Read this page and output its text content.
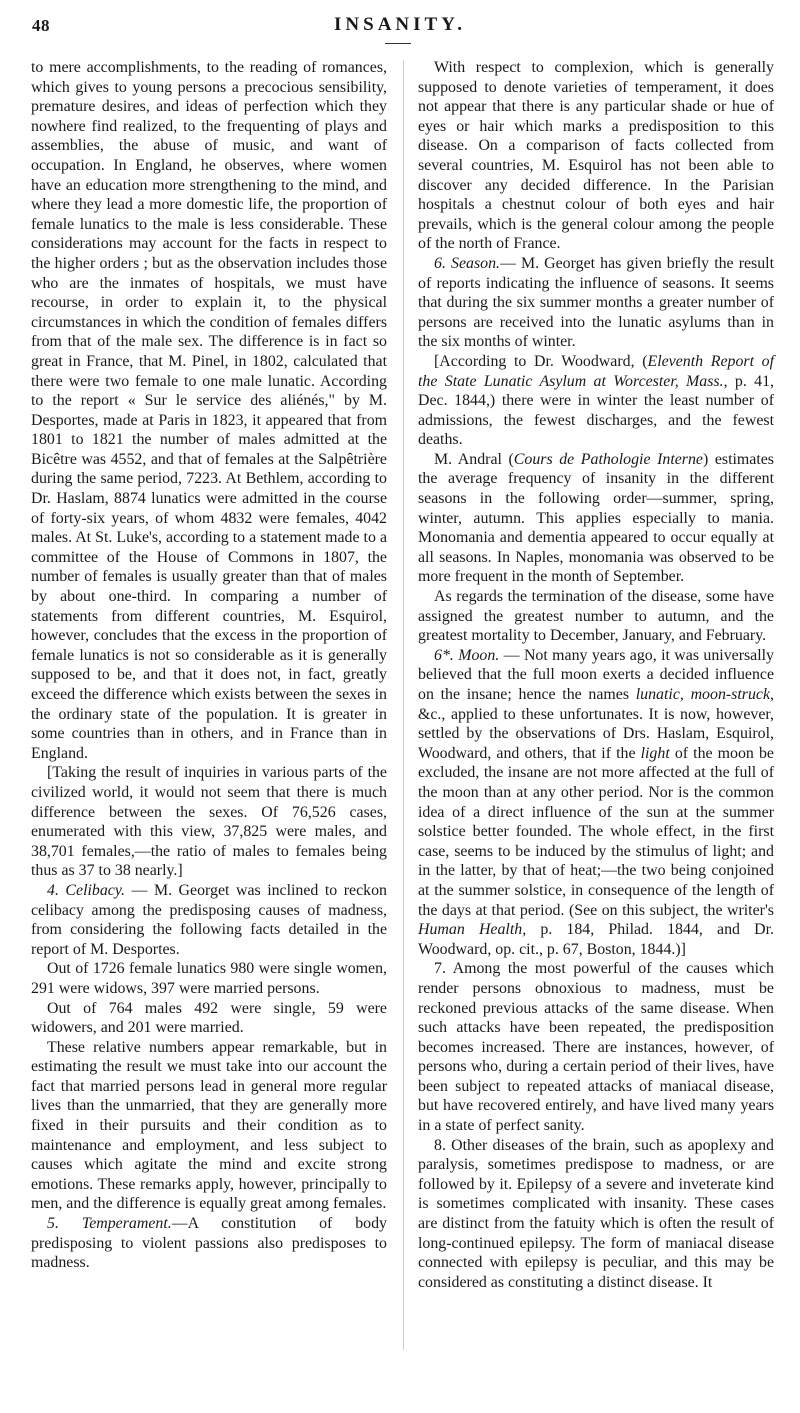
48	INSANITY.

to mere accomplishments, to the reading of romances, which gives to young persons a precocious sensibility, premature desires, and ideas of perfection which they nowhere find realized, to the frequenting of plays and assemblies, the abuse of music, and want of occupation. In England, he observes, where women have an education more strengthening to the mind, and where they lead a more domestic life, the proportion of female lunatics to the male is less considerable. These considerations may account for the facts in respect to the higher orders ; but as the observation includes those who are the inmates of hospitals, we must have recourse, in order to explain it, to the physical circumstances in which the condition of females differs from that of the male sex. The difference is in fact so great in France, that M. Pinel, in 1802, calculated that there were two female to one male lunatic. According to the report « Sur le service des aliénés," by M. Desportes, made at Paris in 1823, it appeared that from 1801 to 1821 the number of males admitted at the Bicêtre was 4552, and that of females at the Salpêtrière during the same period, 7223. At Bethlem, according to Dr. Haslam, 8874 lunatics were admitted in the course of forty-six years, of whom 4832 were females, 4042 males. At St. Luke's, according to a statement made to a committee of the House of Commons in 1807, the number of females is usually greater than that of males by about one-third. In comparing a number of statements from different countries, M. Esquirol, however, concludes that the excess in the proportion of female lunatics is not so considerable as it is generally supposed to be, and that it does not, in fact, greatly exceed the difference which exists between the sexes in the ordinary state of the population. It is greater in some countries than in others, and in France than in England.

[Taking the result of inquiries in various parts of the civilized world, it would not seem that there is much difference between the sexes. Of 76,526 cases, enumerated with this view, 37,825 were males, and 38,701 females,—the ratio of males to females being thus as 37 to 38 nearly.]

4. Celibacy. — M. Georget was inclined to reckon celibacy among the predisposing causes of madness, from considering the following facts detailed in the report of M. Desportes.

Out of 1726 female lunatics 980 were single women, 291 were widows, 397 were married persons.

Out of 764 males 492 were single, 59 were widowers, and 201 were married.

These relative numbers appear remarkable, but in estimating the result we must take into our account the fact that married persons lead in general more regular lives than the unmarried, that they are generally more fixed in their pursuits and their condition as to maintenance and employment, and less subject to causes which agitate the mind and excite strong emotions. These remarks apply, however, principally to men, and the difference is equally great among females.

5. Temperament.—A constitution of body predisposing to violent passions also predisposes to madness.

With respect to complexion, which is generally supposed to denote varieties of temperament, it does not appear that there is any particular shade or hue of eyes or hair which marks a predisposition to this disease. On a comparison of facts collected from several countries, M. Esquirol has not been able to discover any decided difference. In the Parisian hospitals a chestnut colour of both eyes and hair prevails, which is the general colour among the people of the north of France.

6. Season.— M. Georget has given briefly the result of reports indicating the influence of seasons. It seems that during the six summer months a greater number of persons are received into the lunatic asylums than in the six months of winter.

[According to Dr. Woodward, (Eleventh Report of the State Lunatic Asylum at Worcester, Mass., p. 41, Dec. 1844,) there were in winter the least number of admissions, the fewest discharges, and the fewest deaths.

M. Andral (Cours de Pathologie Interne) estimates the average frequency of insanity in the different seasons in the following order—summer, spring, winter, autumn. This applies especially to mania. Monomania and dementia appeared to occur equally at all seasons. In Naples, monomania was observed to be more frequent in the month of September.

As regards the termination of the disease, some have assigned the greatest number to autumn, and the greatest mortality to December, January, and February.

6*. Moon. — Not many years ago, it was universally believed that the full moon exerts a decided influence on the insane; hence the names lunatic, moon-struck, &c., applied to these unfortunates. It is now, however, settled by the observations of Drs. Haslam, Esquirol, Woodward, and others, that if the light of the moon be excluded, the insane are not more affected at the full of the moon than at any other period. Nor is the common idea of a direct influence of the sun at the summer solstice better founded. The whole effect, in the first case, seems to be induced by the stimulus of light; and in the latter, by that of heat;—the two being conjoined at the summer solstice, in consequence of the length of the days at that period. (See on this subject, the writer's Human Health, p. 184, Philad. 1844, and Dr. Woodward, op. cit., p. 67, Boston, 1844.)]

7. Among the most powerful of the causes which render persons obnoxious to madness, must be reckoned previous attacks of the same disease. When such attacks have been repeated, the predisposition becomes increased. There are instances, however, of persons who, during a certain period of their lives, have been subject to repeated attacks of maniacal disease, but have recovered entirely, and have lived many years in a state of perfect sanity.

8. Other diseases of the brain, such as apoplexy and paralysis, sometimes predispose to madness, or are followed by it. Epilepsy of a severe and inveterate kind is sometimes complicated with insanity. These cases are distinct from the fatuity which is often the result of long-continued epilepsy. The form of maniacal disease connected with epilepsy is peculiar, and this may be considered as constituting a distinct disease. It
